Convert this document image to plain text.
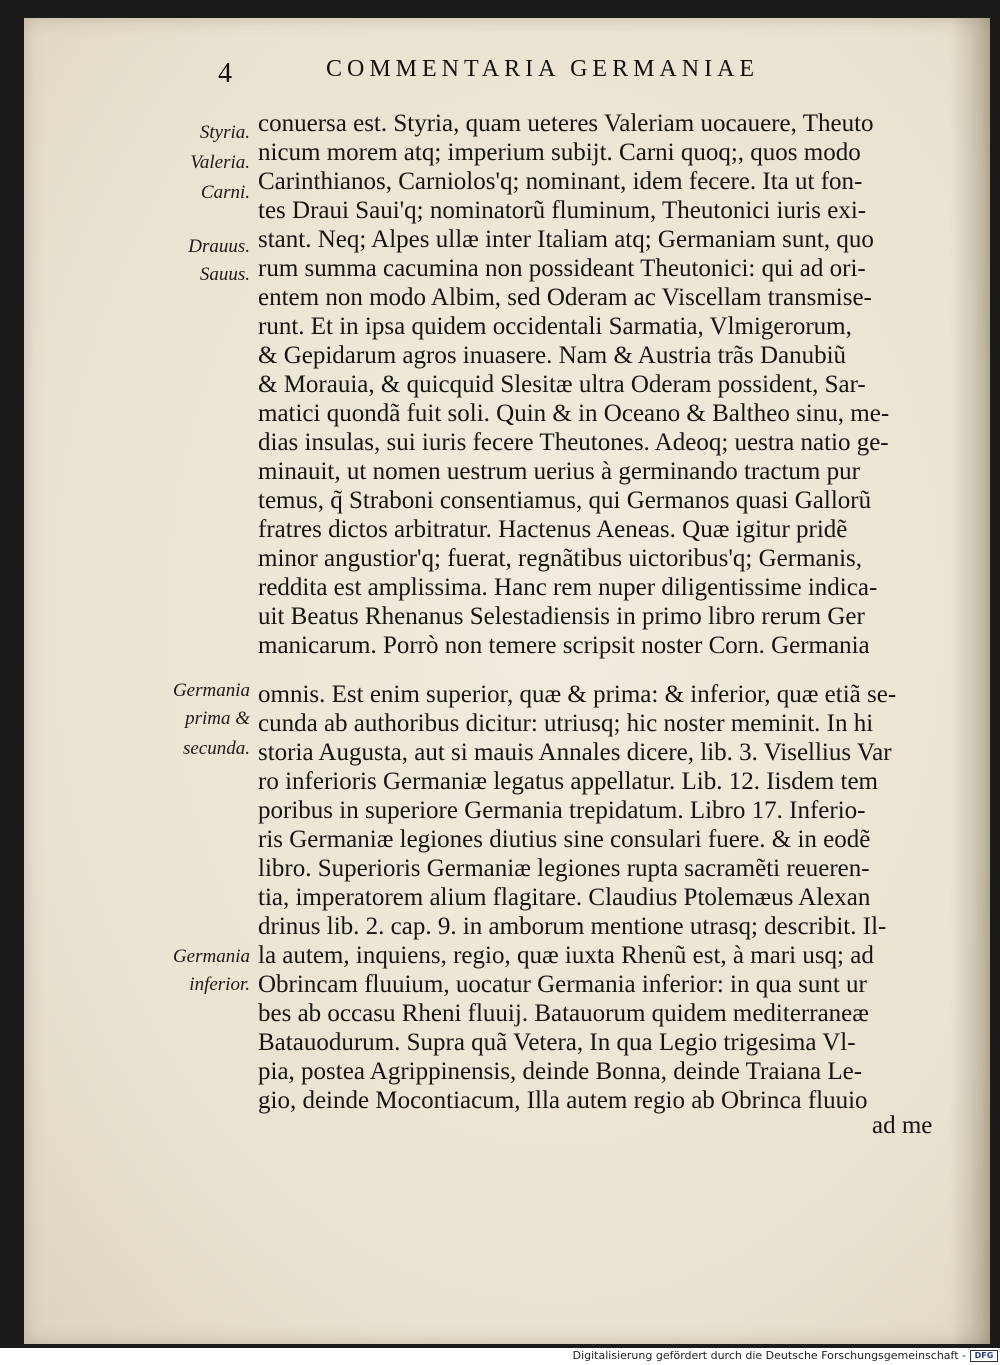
4	COMMENTARIA GERMANIAE
Styria.
Valeria.
Carni.
Drauus.
Sauus.
Germania
prima &
secunda.
Germania
inferior.
conuersa est. Styria, quam ueteres Valeriam uocauere, Theuto
nicum morem atq; imperium subijt. Carni quoq;, quos modo
Carinthianos, Carniolos'q; nominant, idem fecere. Ita ut fon-
tes Draui Saui'q; nominatorũ fluminum, Theutonici iuris exi-
stant. Neq; Alpes ullæ inter Italiam atq; Germaniam sunt, quo
rum summa cacumina non possideant Theutonici: qui ad ori-
entem non modo Albim, sed Oderam ac Viscellam transmise-
runt. Et in ipsa quidem occidentali Sarmatia, Vlmigerorum,
& Gepidarum agros inuasere. Nam & Austria trãs Danubiũ
& Morauia, & quicquid Slesitæ ultra Oderam possident, Sar-
matici quondã fuit soli. Quin & in Oceano & Baltheo sinu, me-
dias insulas, sui iuris fecere Theutones. Adeoq; uestra natio ge-
minauit, ut nomen uestrum uerius à germinando tractum pur
temus, q̃ Straboni consentiamus, qui Germanos quasi Gallorũ
fratres dictos arbitratur. Hactenus Aeneas. Quæ igitur pridẽ
minor angustior'q; fuerat, regnãtibus uictoribus'q; Germanis,
reddita est amplissima. Hanc rem nuper diligentissime indica-
uit Beatus Rhenanus Selestadiensis in primo libro rerum Ger
manicarum. Porrò non temere scripsit noster Corn. Germania
omnis. Est enim superior, quæ & prima: & inferior, quæ etiã se-
cunda ab authoribus dicitur: utriusq; hic noster meminit. In hi
storia Augusta, aut si mauis Annales dicere, lib. 3. Visellius Var
ro inferioris Germaniæ legatus appellatur. Lib. 12. Iisdem tem
poribus in superiore Germania trepidatum. Libro 17. Inferio-
ris Germaniæ legiones diutius sine consulari fuere. & in eodẽ
libro. Superioris Germaniæ legiones rupta sacramẽti reueren-
tia, imperatorem alium flagitare. Claudius Ptolemæus Alexan
drinus lib. 2. cap. 9. in amborum mentione utrasq; describit. Il-
la autem, inquiens, regio, quæ iuxta Rhenũ est, à mari usq; ad
Obrincam fluuium, uocatur Germania inferior: in qua sunt ur
bes ab occasu Rheni fluuij. Batauorum quidem mediterraneæ
Batauodurum. Supra quã Vetera, In qua Legio trigesima Vl-
pia, postea Agrippinensis, deinde Bonna, deinde Traiana Le-
gio, deinde Mocontiacum, Illa autem regio ab Obrinca fluuio
ad me
Digitalisierung gefördert durch die Deutsche Forschungsgemeinschaft -	DFG
